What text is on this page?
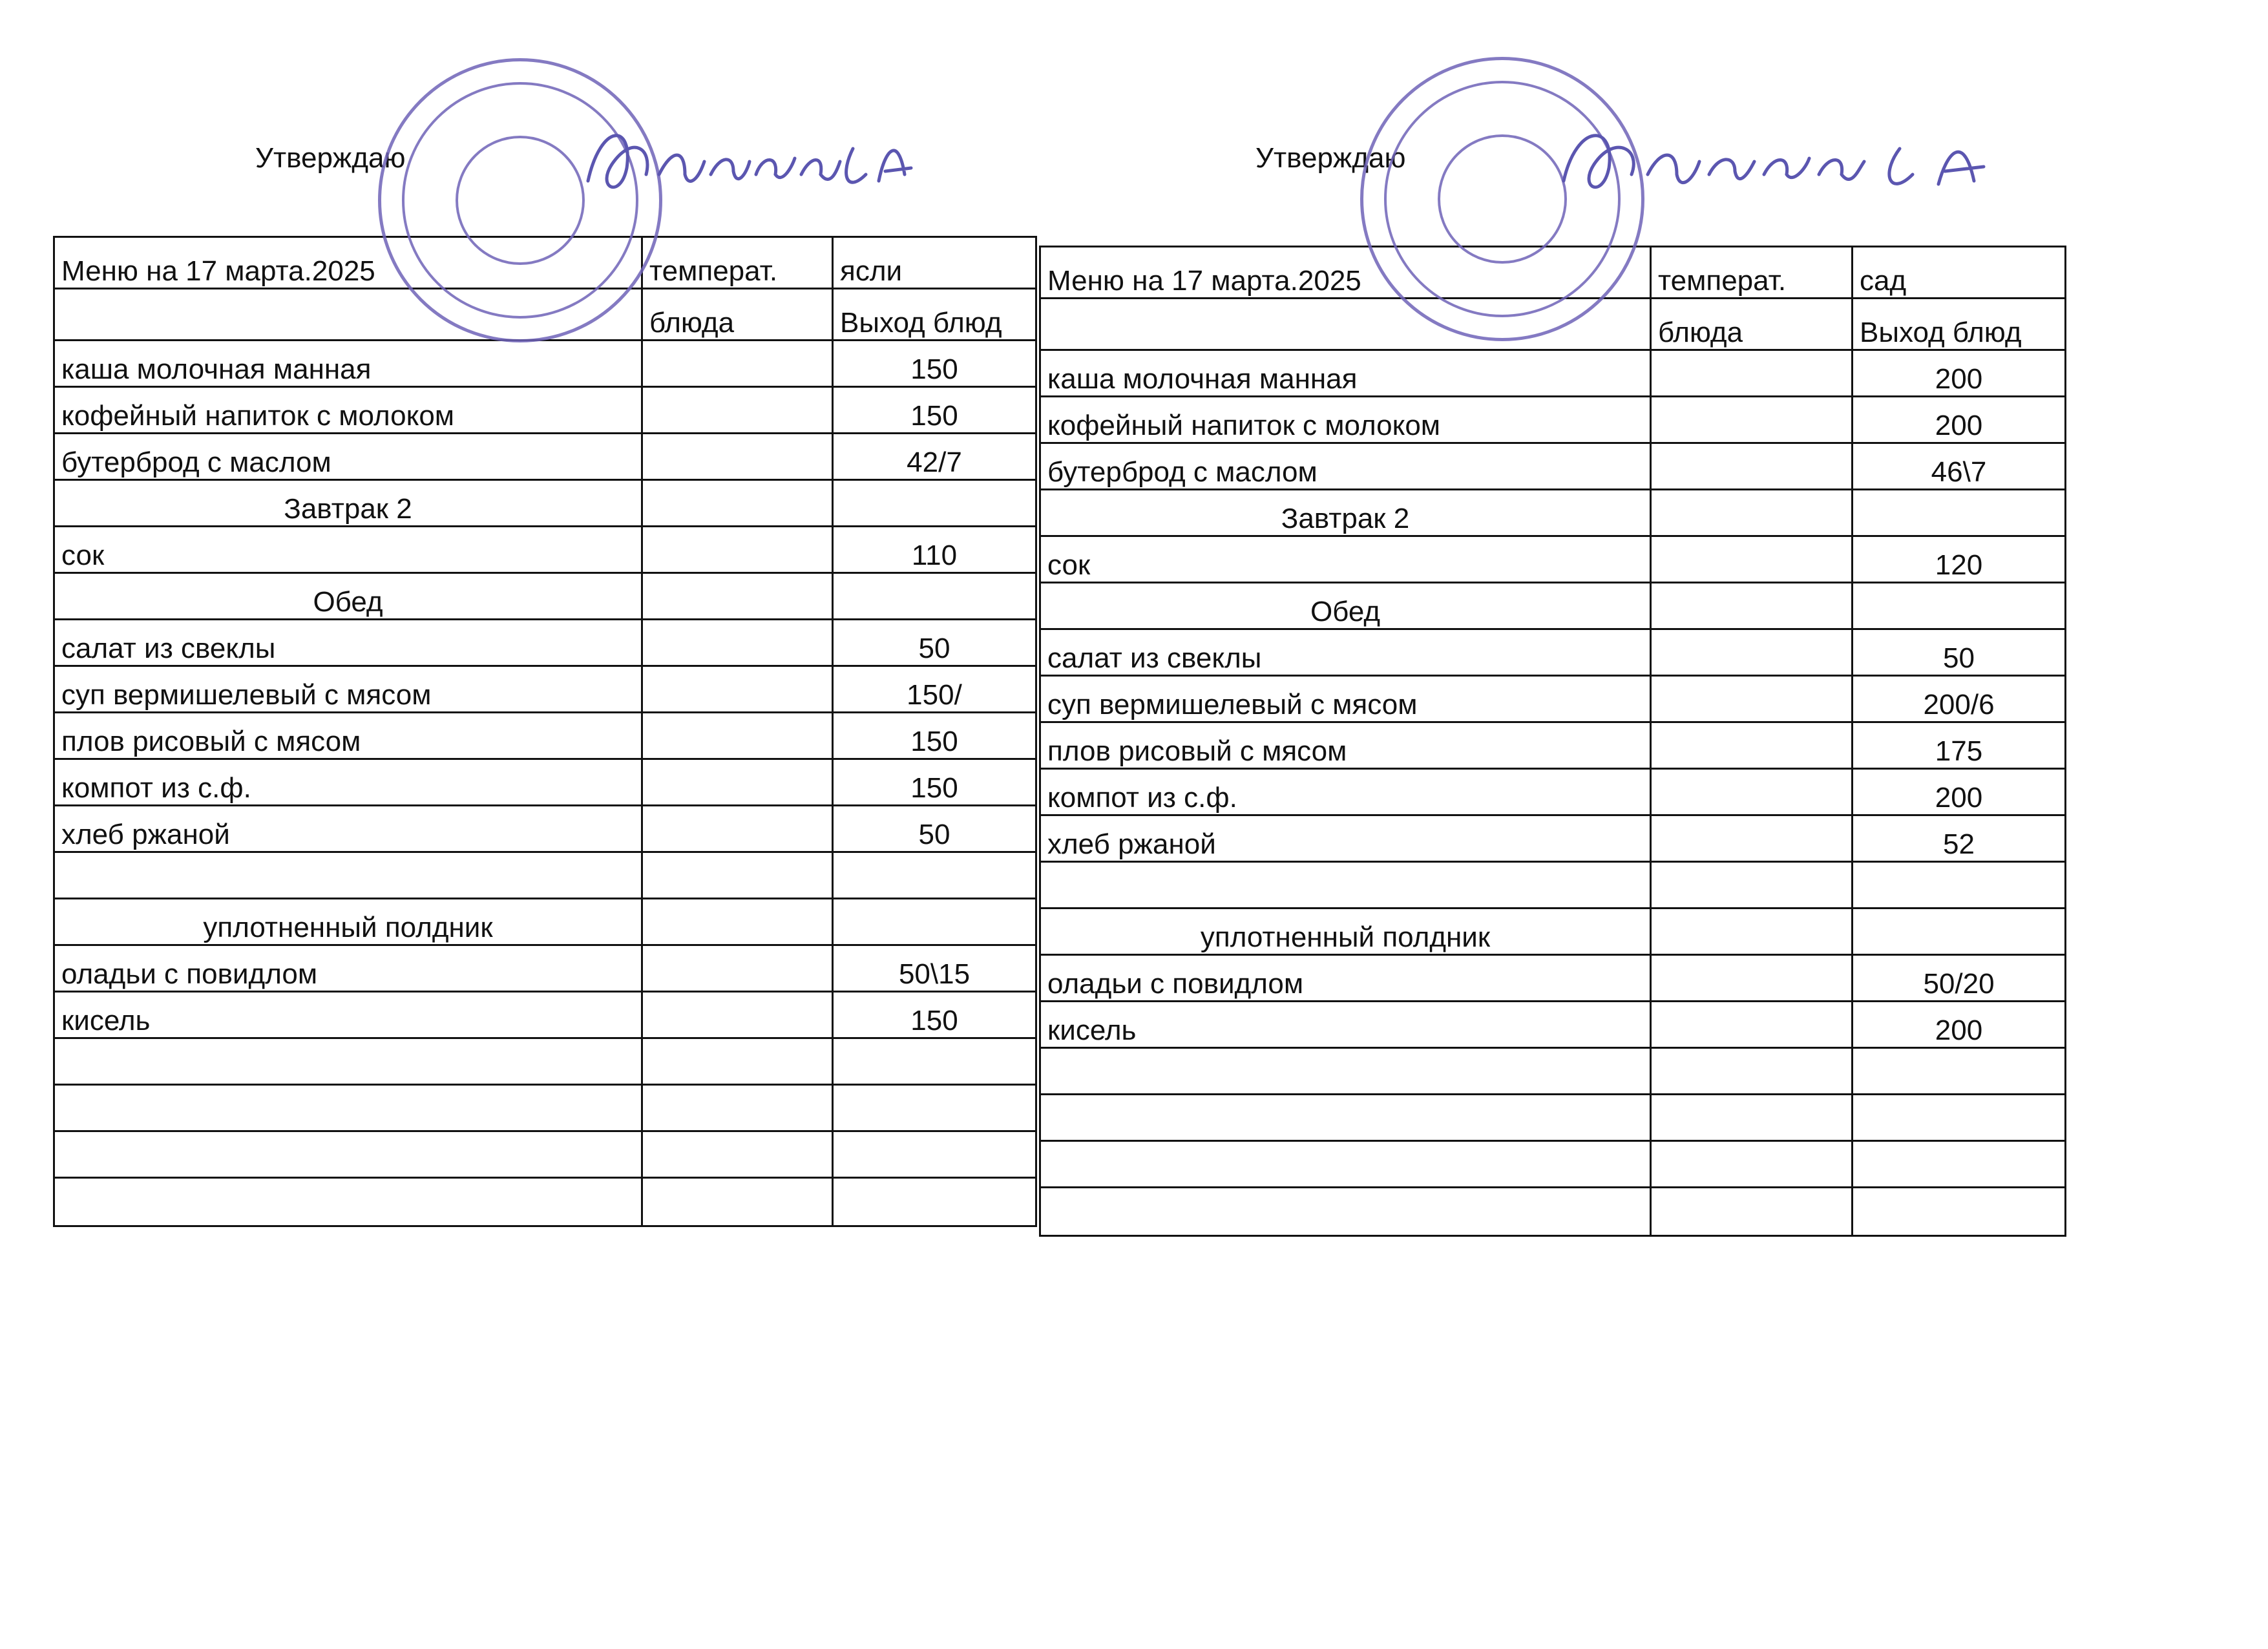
Утверждаю	Утверждаю
Меню на 17 марта.2025	температ.	ясли
	блюда	Выход блюд
каша молочная манная		150
кофейный напиток с молоком		150
бутерброд с маслом		42/7
Завтрак 2		
сок		110
Обед		
салат из свеклы		50
суп вермишелевый с мясом		150/
плов рисовый с мясом		150
компот из с.ф.		150
хлеб ржаной		50

уплотненный полдник		
оладьи с повидлом		50\15
кисель		150

Меню на 17 марта.2025	температ.	сад
	блюда	Выход блюд
каша молочная манная		200
кофейный напиток с молоком		200
бутерброд с маслом		46\7
Завтрак 2		
сок		120
Обед		
салат из свеклы		50
суп вермишелевый с мясом		200/6
плов рисовый с мясом		175
компот из с.ф.		200
хлеб ржаной		52

уплотненный полдник		
оладьи с повидлом		50/20
кисель		200
